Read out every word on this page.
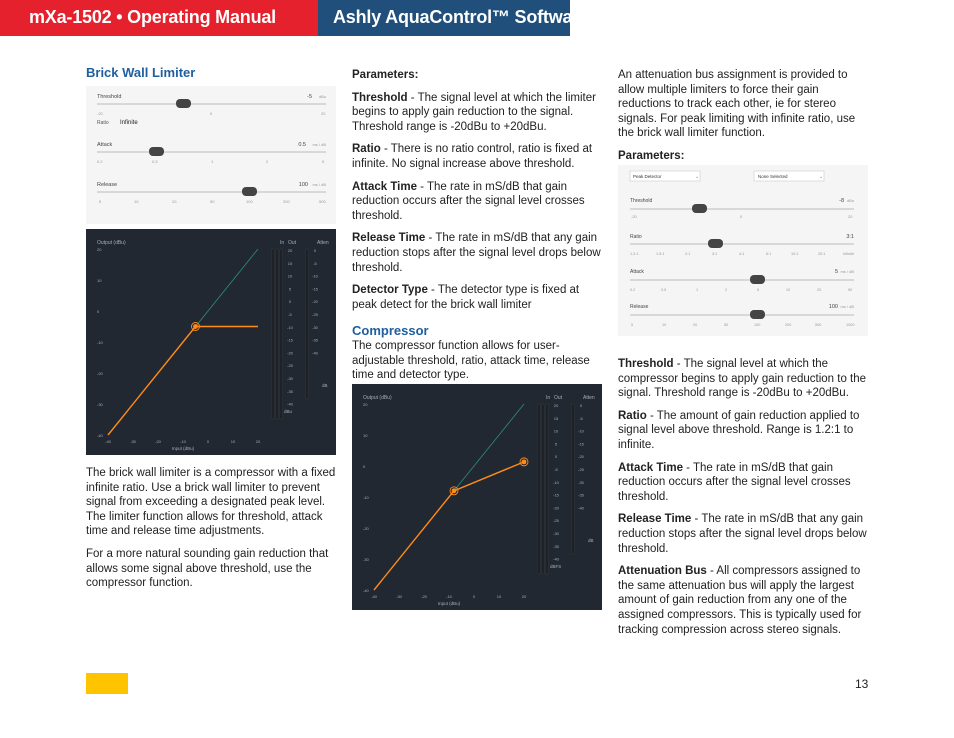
mXa-1502 • Operating Manual	Ashly AquaControl™ Software
Brick Wall Limiter
Threshold	-5 dBu
-20	0	20
Ratio Infinite
Attack	0.5 ms / dB
0.2	0.5	1	2	5
Release	100 ms / dB
5	10	20	50	100	200	500
Output (dBu)
20
10
0
-10
-20
-30
-40
-40	-30	-20	-10	0	10	20
Input (dBu)
In Out	Atten
20
15
10
5
0
-5
-10
-15
-20
-25
-30
-35
-40
0
-5
-10
-15
-20
-25
-30
-35
-40
dBu
dB

The brick wall limiter is a compressor with a fixed infinite ratio. Use a brick wall limiter to prevent signal from exceeding a designated peak level. The limiter function allows for threshold, attack time and release time adjustments.

For a more natural sounding gain reduction that allows some signal above threshold, use the compressor function.

Parameters:

Threshold - The signal level at which the limiter begins to apply gain reduction to the signal. Threshold range is -20dBu to +20dBu.

Ratio - There is no ratio control, ratio is fixed at infinite. No signal increase above threshold.

Attack Time - The rate in mS/dB that gain reduction occurs after the signal level crosses threshold.

Release Time - The rate in mS/dB that any gain reduction stops after the signal level drops below threshold.

Detector Type - The detector type is fixed at peak detect for the brick wall limiter

Compressor

The compressor function allows for user-adjustable threshold, ratio, attack time, release time and detector type.

Output (dBu)
20
10
0
-10
-20
-30
-40
-40	-30	-20	-10	0	10	20
Input (dBu)
In Out	Atten
20
15
10
5
0
-5
-10
-15
-20
-25
-30
-35
-40
0
-5
-10
-15
-20
-25
-30
-35
-40
dBFS
dB

An attenuation bus assignment is provided to allow multiple limiters to force their gain reductions to track each other, ie for stereo signals. For peak limiting with infinite ratio, use the brick wall limiter function.

Parameters:

Peak Detector	⌄	None Selected	⌄
Threshold	-8 dBu
-20	0	20
Ratio	3:1
1.2:1	1.5:1	2:1	3:1	4:1	6:1	10:1	20:1	Infinite
Attack	5 ms / dB
0.2	0.5	1	2	5	10	20	50
Release	100 ms / dB
5	10	20	50	100	200	500	1000

Threshold - The signal level at which the compressor begins to apply gain reduction to the signal. Threshold range is -20dBu to +20dBu.

Ratio - The amount of gain reduction applied to signal level above threshold. Range is 1.2:1 to infinite.

Attack Time - The rate in mS/dB that gain reduction occurs after the signal level crosses threshold.

Release Time - The rate in mS/dB that any gain reduction stops after the signal level drops below threshold.

Attenuation Bus - All compressors assigned to the same attenuation bus will apply the largest amount of gain reduction from any one of the assigned compressors. This is typically used for tracking compression across stereo signals.

13
